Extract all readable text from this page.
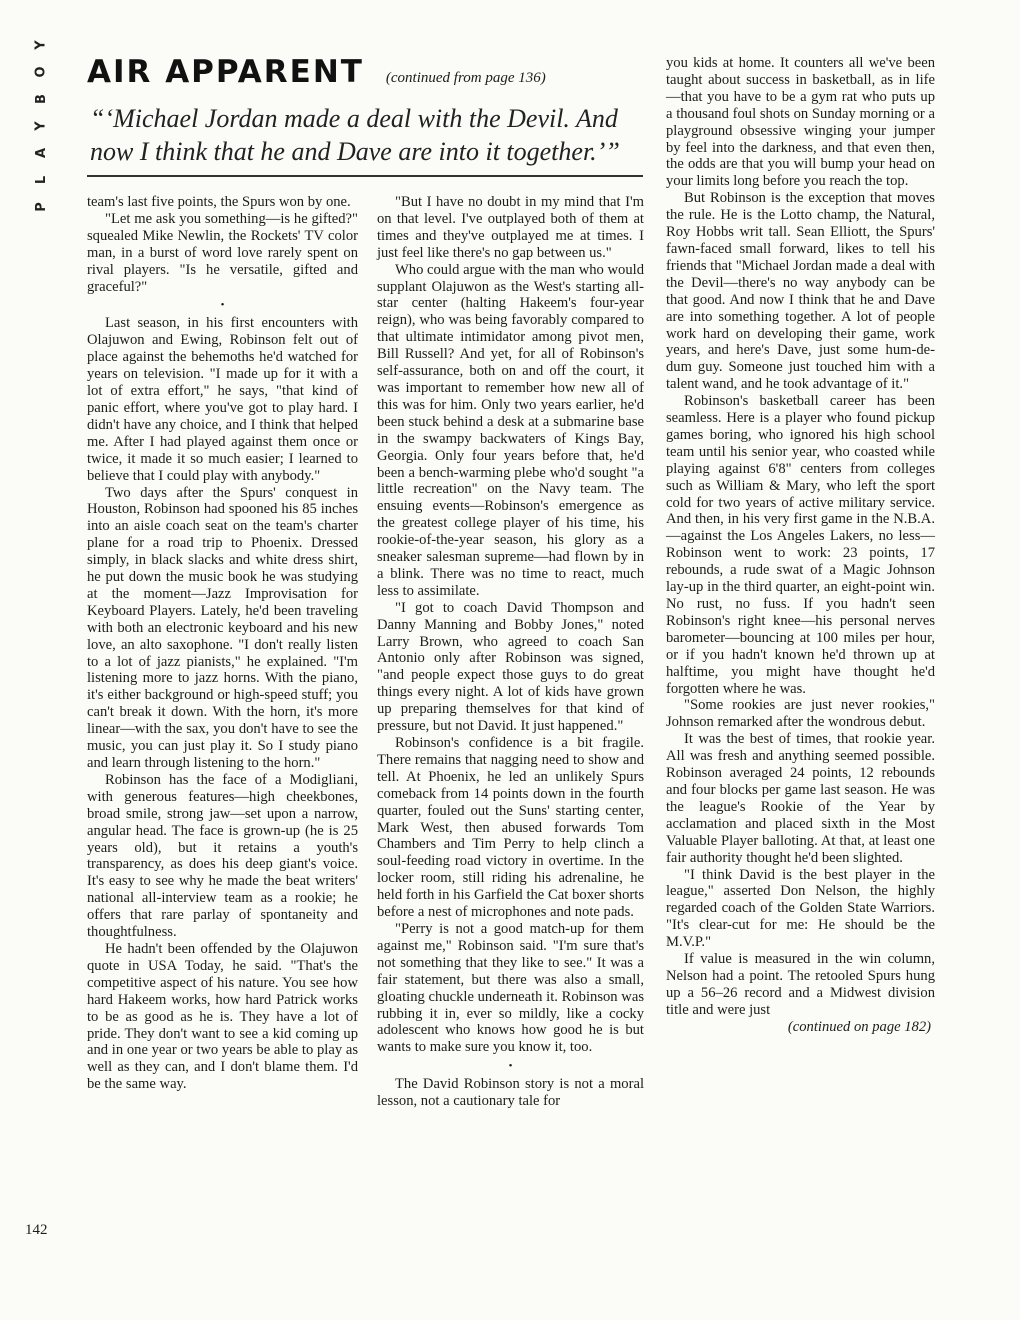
Y
O
B
Y
A
L
P
AIR APPARENT (continued from page 136)
“‘Michael Jordan made a deal with the Devil. And now I think that he and Dave are into it together.’”

team's last five points, the Spurs won by one.

"Let me ask you something—is he gifted?" squealed Mike Newlin, the Rockets' TV color man, in a burst of word love rarely spent on rival players. "Is he versatile, gifted and graceful?"

•

Last season, in his first encounters with Olajuwon and Ewing, Robinson felt out of place against the behemoths he'd watched for years on television. "I made up for it with a lot of extra effort," he says, "that kind of panic effort, where you've got to play hard. I didn't have any choice, and I think that helped me. After I had played against them once or twice, it made it so much easier; I learned to believe that I could play with anybody."

Two days after the Spurs' conquest in Houston, Robinson had spooned his 85 inches into an aisle coach seat on the team's charter plane for a road trip to Phoenix. Dressed simply, in black slacks and white dress shirt, he put down the music book he was studying at the moment—Jazz Improvisation for Keyboard Players. Lately, he'd been traveling with both an electronic keyboard and his new love, an alto saxophone. "I don't really listen to a lot of jazz pianists," he explained. "I'm listening more to jazz horns. With the piano, it's either background or high-speed stuff; you can't break it down. With the horn, it's more linear—with the sax, you don't have to see the music, you can just play it. So I study piano and learn through listening to the horn."

Robinson has the face of a Modigliani, with generous features—high cheekbones, broad smile, strong jaw—set upon a narrow, angular head. The face is grown-up (he is 25 years old), but it retains a youth's transparency, as does his deep giant's voice. It's easy to see why he made the beat writers' national all-interview team as a rookie; he offers that rare parlay of spontaneity and thoughtfulness.

He hadn't been offended by the Olajuwon quote in USA Today, he said. "That's the competitive aspect of his nature. You see how hard Hakeem works, how hard Patrick works to be as good as he is. They have a lot of pride. They don't want to see a kid coming up and in one year or two years be able to play as well as they can, and I don't blame them. I'd be the same way.

"But I have no doubt in my mind that I'm on that level. I've outplayed both of them at times and they've outplayed me at times. I just feel like there's no gap between us."

Who could argue with the man who would supplant Olajuwon as the West's starting all-star center (halting Hakeem's four-year reign), who was being favorably compared to that ultimate intimidator among pivot men, Bill Russell? And yet, for all of Robinson's self-assurance, both on and off the court, it was important to remember how new all of this was for him. Only two years earlier, he'd been stuck behind a desk at a submarine base in the swampy backwaters of Kings Bay, Georgia. Only four years before that, he'd been a bench-warming plebe who'd sought "a little recreation" on the Navy team. The ensuing events—Robinson's emergence as the greatest college player of his time, his rookie-of-the-year season, his glory as a sneaker salesman supreme—had flown by in a blink. There was no time to react, much less to assimilate.

"I got to coach David Thompson and Danny Manning and Bobby Jones," noted Larry Brown, who agreed to coach San Antonio only after Robinson was signed, "and people expect those guys to do great things every night. A lot of kids have grown up preparing themselves for that kind of pressure, but not David. It just happened."

Robinson's confidence is a bit fragile. There remains that nagging need to show and tell. At Phoenix, he led an unlikely Spurs comeback from 14 points down in the fourth quarter, fouled out the Suns' starting center, Mark West, then abused forwards Tom Chambers and Tim Perry to help clinch a soul-feeding road victory in overtime. In the locker room, still riding his adrenaline, he held forth in his Garfield the Cat boxer shorts before a nest of microphones and note pads.

"Perry is not a good match-up for them against me," Robinson said. "I'm sure that's not something that they like to see." It was a fair statement, but there was also a small, gloating chuckle underneath it. Robinson was rubbing it in, ever so mildly, like a cocky adolescent who knows how good he is but wants to make sure you know it, too.

•

The David Robinson story is not a moral lesson, not a cautionary tale for

you kids at home. It counters all we've been taught about success in basketball, as in life—that you have to be a gym rat who puts up a thousand foul shots on Sunday morning or a playground obsessive winging your jumper by feel into the darkness, and that even then, the odds are that you will bump your head on your limits long before you reach the top.

But Robinson is the exception that moves the rule. He is the Lotto champ, the Natural, Roy Hobbs writ tall. Sean Elliott, the Spurs' fawn-faced small forward, likes to tell his friends that "Michael Jordan made a deal with the Devil—there's no way anybody can be that good. And now I think that he and Dave are into something together. A lot of people work hard on developing their game, work years, and here's Dave, just some hum-de-dum guy. Someone just touched him with a talent wand, and he took advantage of it."

Robinson's basketball career has been seamless. Here is a player who found pickup games boring, who ignored his high school team until his senior year, who coasted while playing against 6'8" centers from colleges such as William & Mary, who left the sport cold for two years of active military service. And then, in his very first game in the N.B.A.—against the Los Angeles Lakers, no less—Robinson went to work: 23 points, 17 rebounds, a rude swat of a Magic Johnson lay-up in the third quarter, an eight-point win. No rust, no fuss. If you hadn't seen Robinson's right knee—his personal nerves barometer—bouncing at 100 miles per hour, or if you hadn't known he'd thrown up at halftime, you might have thought he'd forgotten where he was.

"Some rookies are just never rookies," Johnson remarked after the wondrous debut.

It was the best of times, that rookie year. All was fresh and anything seemed possible. Robinson averaged 24 points, 12 rebounds and four blocks per game last season. He was the league's Rookie of the Year by acclamation and placed sixth in the Most Valuable Player balloting. At that, at least one fair authority thought he'd been slighted.

"I think David is the best player in the league," asserted Don Nelson, the highly regarded coach of the Golden State Warriors. "It's clear-cut for me: He should be the M.V.P."

If value is measured in the win column, Nelson had a point. The retooled Spurs hung up a 56–26 record and a Midwest division title and were just

(continued on page 182)
142
